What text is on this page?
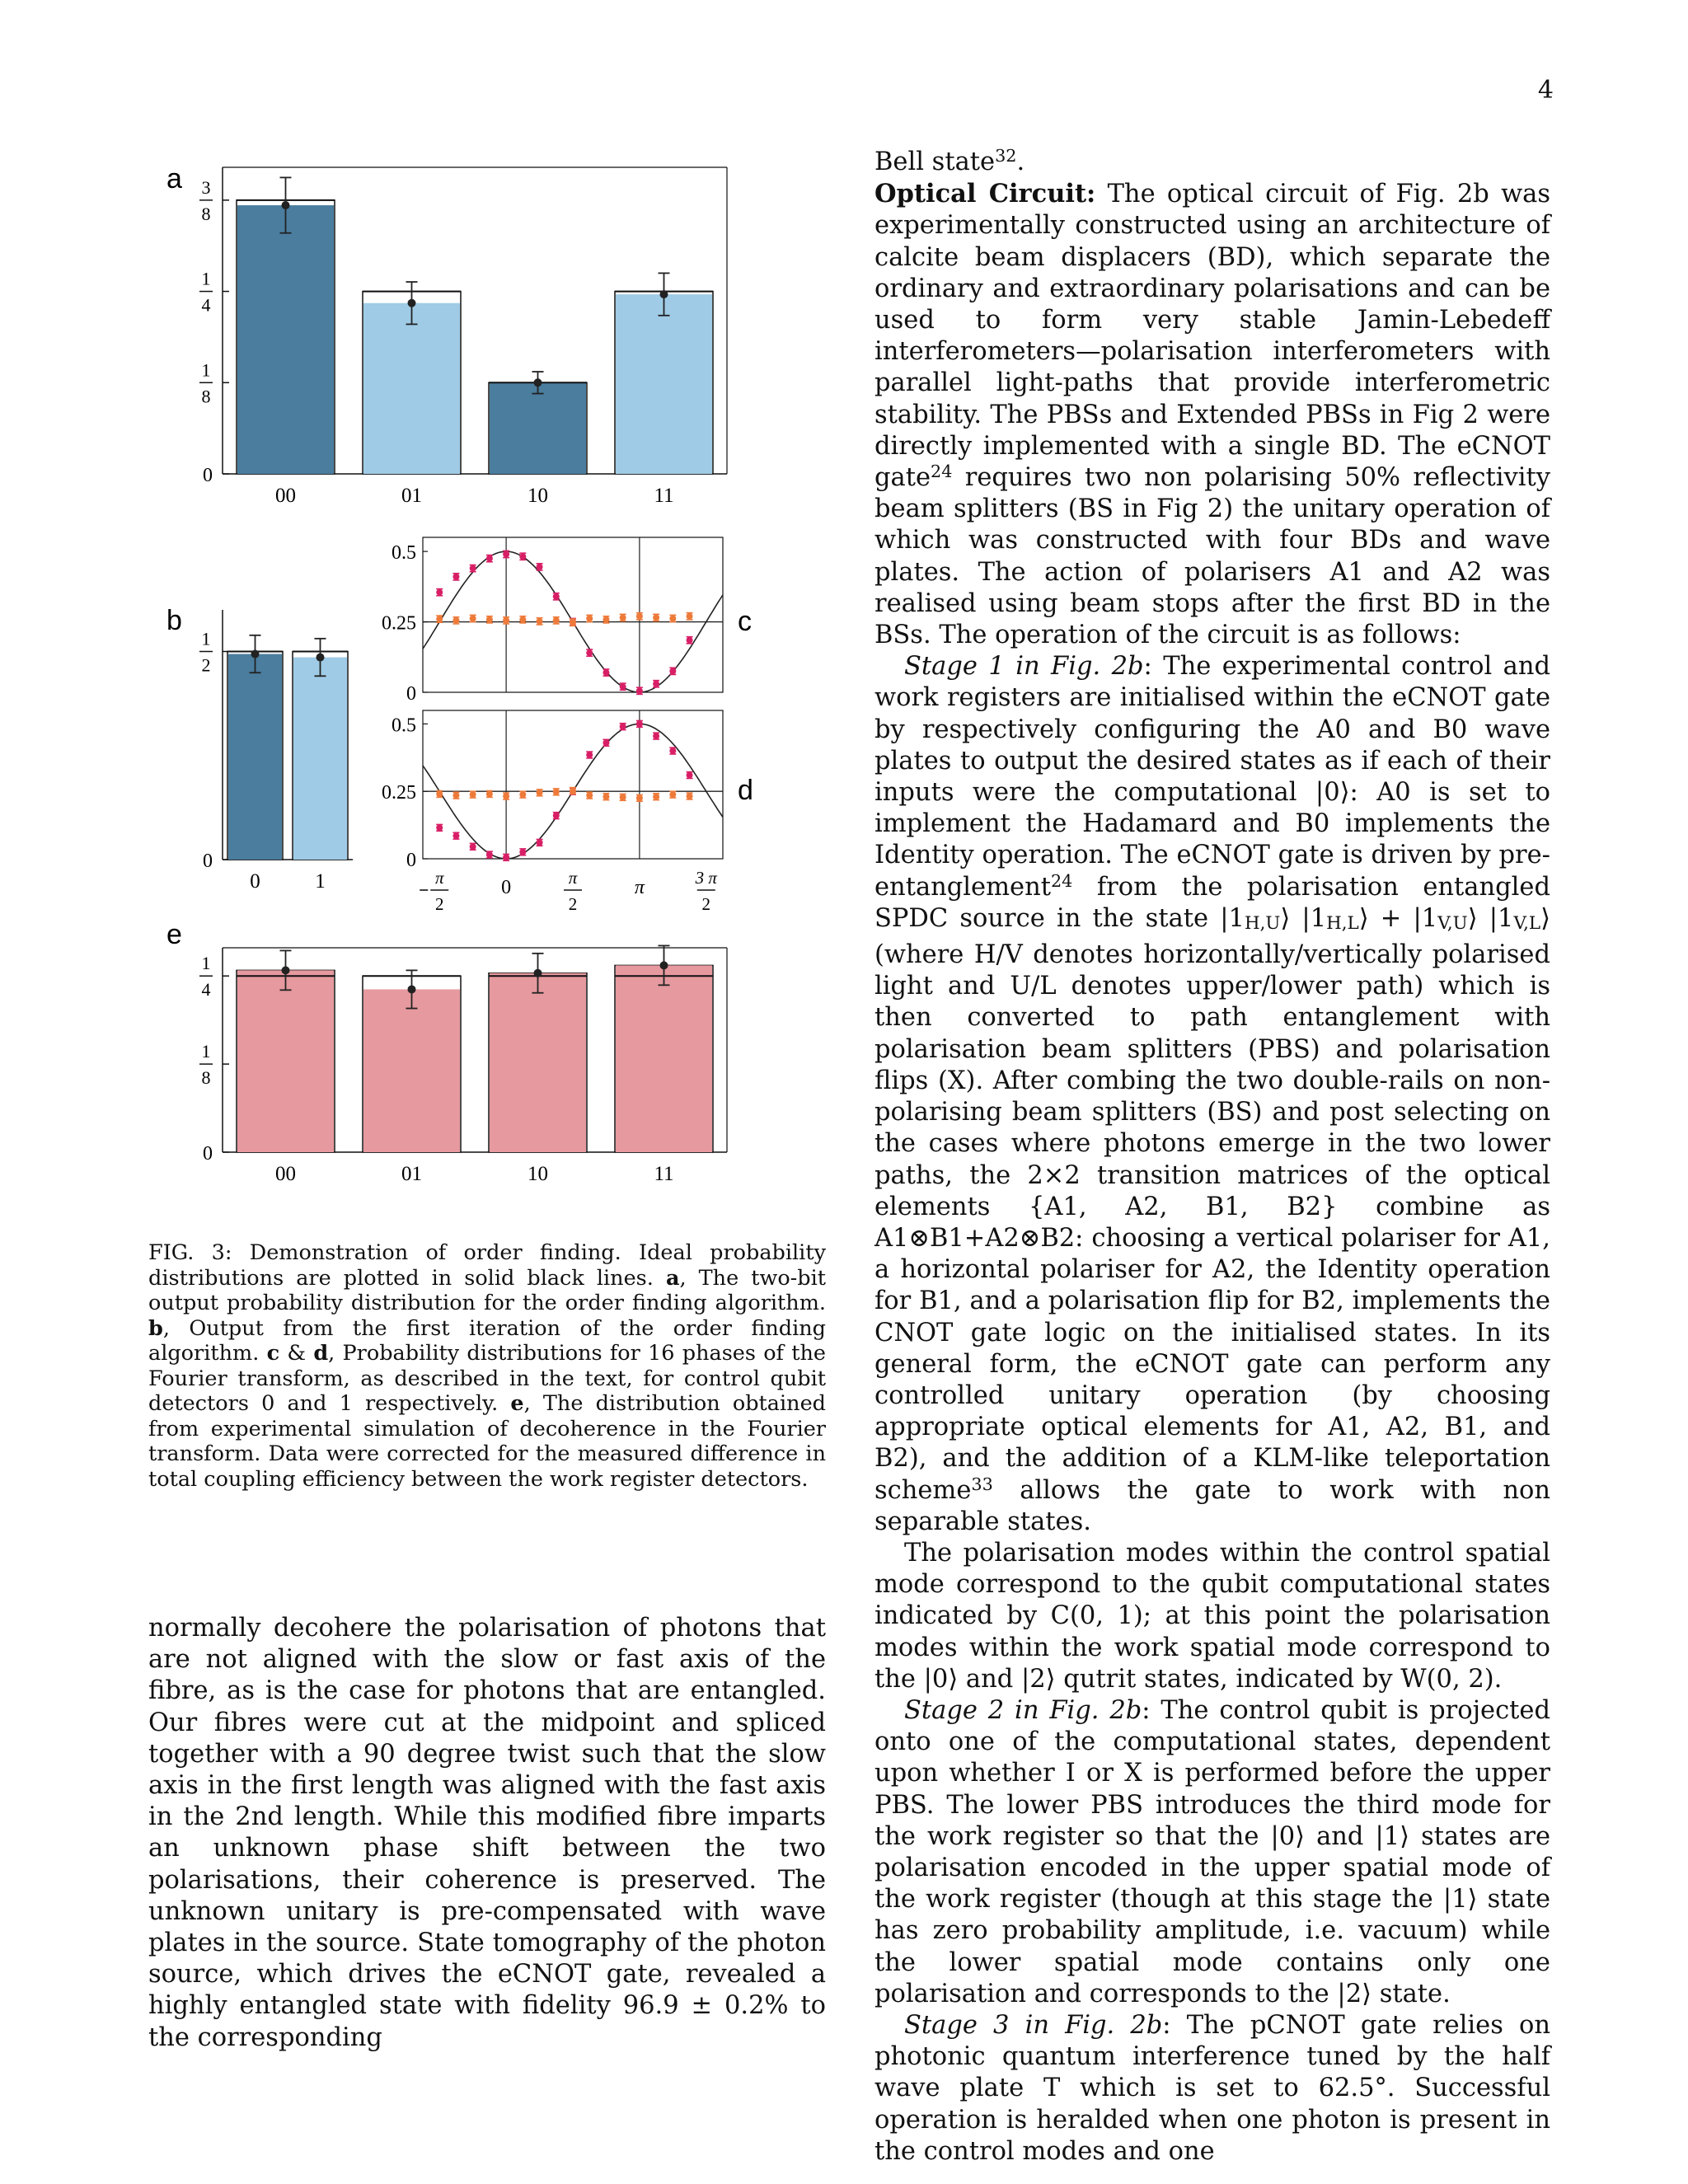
4
0
1
8
1
4
3
8
00	01	10	11
0
1
2
0	1
0
0.25
0.5
0
0.25
0.5
π
2
0	π
2
π	3 π
2
0
1
8
1
4
00	01	10	11
a
b	c
d
e
FIG. 3: Demonstration of order finding. Ideal probability distributions are plotted in solid black lines. a, The two-bit output probability distribution for the order finding algorithm. b, Output from the first iteration of the order finding algorithm. c & d, Probability distributions for 16 phases of the Fourier transform, as described in the text, for control qubit detectors 0 and 1 respectively. e, The distribution obtained from experimental simulation of decoherence in the Fourier transform. Data were corrected for the measured difference in total coupling efficiency between the work register detectors.

normally decohere the polarisation of photons that are not aligned with the slow or fast axis of the fibre, as is the case for photons that are entangled. Our fibres were cut at the midpoint and spliced together with a 90 degree twist such that the slow axis in the first length was aligned with the fast axis in the 2nd length. While this modified fibre imparts an unknown phase shift between the two polarisations, their coherence is preserved. The unknown unitary is pre-compensated with wave plates in the source. State tomography of the photon source, which drives the eCNOT gate, revealed a highly entangled state with fidelity 96.9 ± 0.2% to the corresponding

Bell state$^{32}$.

Optical Circuit: The optical circuit of Fig. 2b was experimentally constructed using an architecture of calcite beam displacers (BD), which separate the ordinary and extraordinary polarisations and can be used to form very stable Jamin-Lebedeff interferometers—polarisation interferometers with parallel light-paths that provide interferometric stability. The PBSs and Extended PBSs in Fig 2 were directly implemented with a single BD. The eCNOT gate$^{24}$ requires two non polarising 50% reflectivity beam splitters (BS in Fig 2) the unitary operation of which was constructed with four BDs and wave plates. The action of polarisers A1 and A2 was realised using beam stops after the first BD in the BSs. The operation of the circuit is as follows:

Stage 1 in Fig. 2b: The experimental control and work registers are initialised within the eCNOT gate by respectively configuring the A0 and B0 wave plates to output the desired states as if each of their inputs were the computational |0⟩: A0 is set to implement the Hadamard and B0 implements the Identity operation. The eCNOT gate is driven by pre-entanglement$^{24}$ from the polarisation entangled SPDC source in the state |1H,U⟩ |1H,L⟩ + |1V,U⟩ |1V,L⟩ (where H/V denotes horizontally/vertically polarised light and U/L denotes upper/lower path) which is then converted to path entanglement with polarisation beam splitters (PBS) and polarisation flips (X). After combing the two double-rails on non-polarising beam splitters (BS) and post selecting on the cases where photons emerge in the two lower paths, the 2×2 transition matrices of the optical elements {A1, A2, B1, B2} combine as A1⊗B1+A2⊗B2: choosing a vertical polariser for A1, a horizontal polariser for A2, the Identity operation for B1, and a polarisation flip for B2, implements the CNOT gate logic on the initialised states. In its general form, the eCNOT gate can perform any controlled unitary operation (by choosing appropriate optical elements for A1, A2, B1, and B2), and the addition of a KLM-like teleportation scheme$^{33}$ allows the gate to work with non separable states.

The polarisation modes within the control spatial mode correspond to the qubit computational states indicated by C(0, 1); at this point the polarisation modes within the work spatial mode correspond to the |0⟩ and |2⟩ qutrit states, indicated by W(0, 2).

Stage 2 in Fig. 2b: The control qubit is projected onto one of the computational states, dependent upon whether I or X is performed before the upper PBS. The lower PBS introduces the third mode for the work register so that the |0⟩ and |1⟩ states are polarisation encoded in the upper spatial mode of the work register (though at this stage the |1⟩ state has zero probability amplitude, i.e. vacuum) while the lower spatial mode contains only one polarisation and corresponds to the |2⟩ state.

Stage 3 in Fig. 2b: The pCNOT gate relies on photonic quantum interference tuned by the half wave plate T which is set to 62.5°. Successful operation is heralded when one photon is present in the control modes and one
